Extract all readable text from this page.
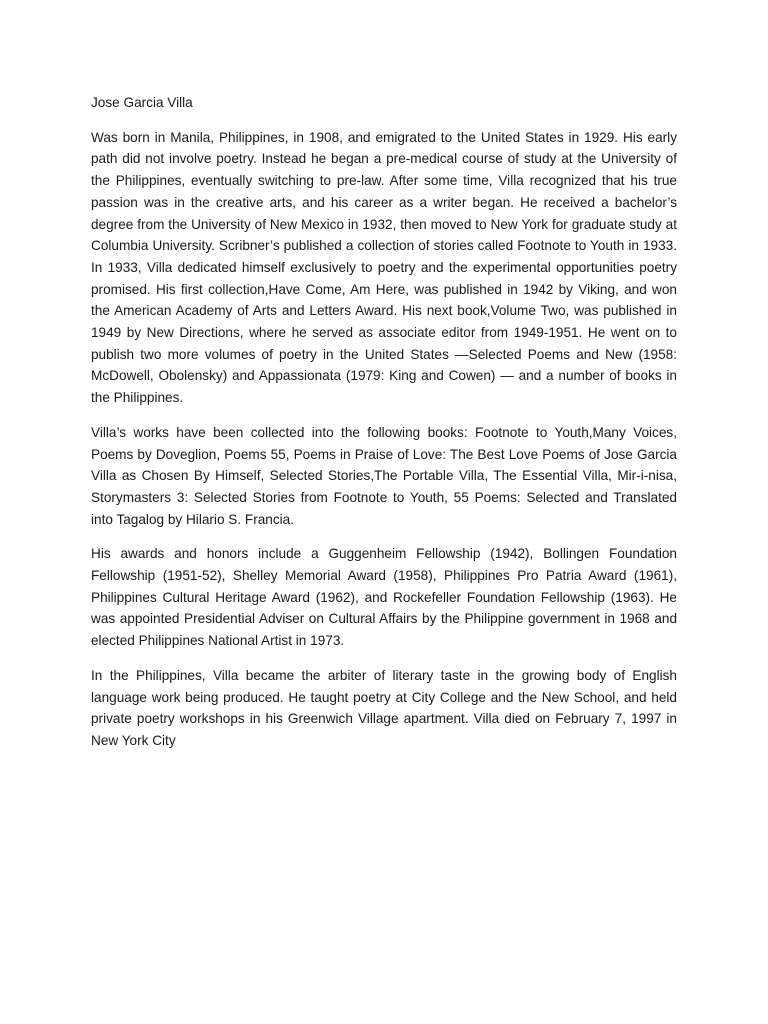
Jose Garcia Villa

Was born in Manila, Philippines, in 1908, and emigrated to the United States in 1929. His early path did not involve poetry. Instead he began a pre-medical course of study at the University of the Philippines, eventually switching to pre-law. After some time, Villa recognized that his true passion was in the creative arts, and his career as a writer began. He received a bachelor’s degree from the University of New Mexico in 1932, then moved to New York for graduate study at Columbia University. Scribner’s published a collection of stories called Footnote to Youth in 1933. In 1933, Villa dedicated himself exclusively to poetry and the experimental opportunities poetry promised. His first collection,Have Come, Am Here, was published in 1942 by Viking, and won the American Academy of Arts and Letters Award. His next book,Volume Two, was published in 1949 by New Directions, where he served as associate editor from 1949-1951. He went on to publish two more volumes of poetry in the United States —Selected Poems and New (1958: McDowell, Obolensky) and Appassionata (1979: King and Cowen) — and a number of books in the Philippines.

Villa’s works have been collected into the following books: Footnote to Youth,Many Voices, Poems by Doveglion, Poems 55, Poems in Praise of Love: The Best Love Poems of Jose Garcia Villa as Chosen By Himself, Selected Stories,The Portable Villa, The Essential Villa, Mir-i-nisa, Storymasters 3: Selected Stories from Footnote to Youth, 55 Poems: Selected and Translated into Tagalog by Hilario S. Francia.

His awards and honors include a Guggenheim Fellowship (1942), Bollingen Foundation Fellowship (1951-52), Shelley Memorial Award (1958), Philippines Pro Patria Award (1961), Philippines Cultural Heritage Award (1962), and Rockefeller Foundation Fellowship (1963). He was appointed Presidential Adviser on Cultural Affairs by the Philippine government in 1968 and elected Philippines National Artist in 1973.

In the Philippines, Villa became the arbiter of literary taste in the growing body of English language work being produced. He taught poetry at City College and the New School, and held private poetry workshops in his Greenwich Village apartment. Villa died on February 7, 1997 in New York City
